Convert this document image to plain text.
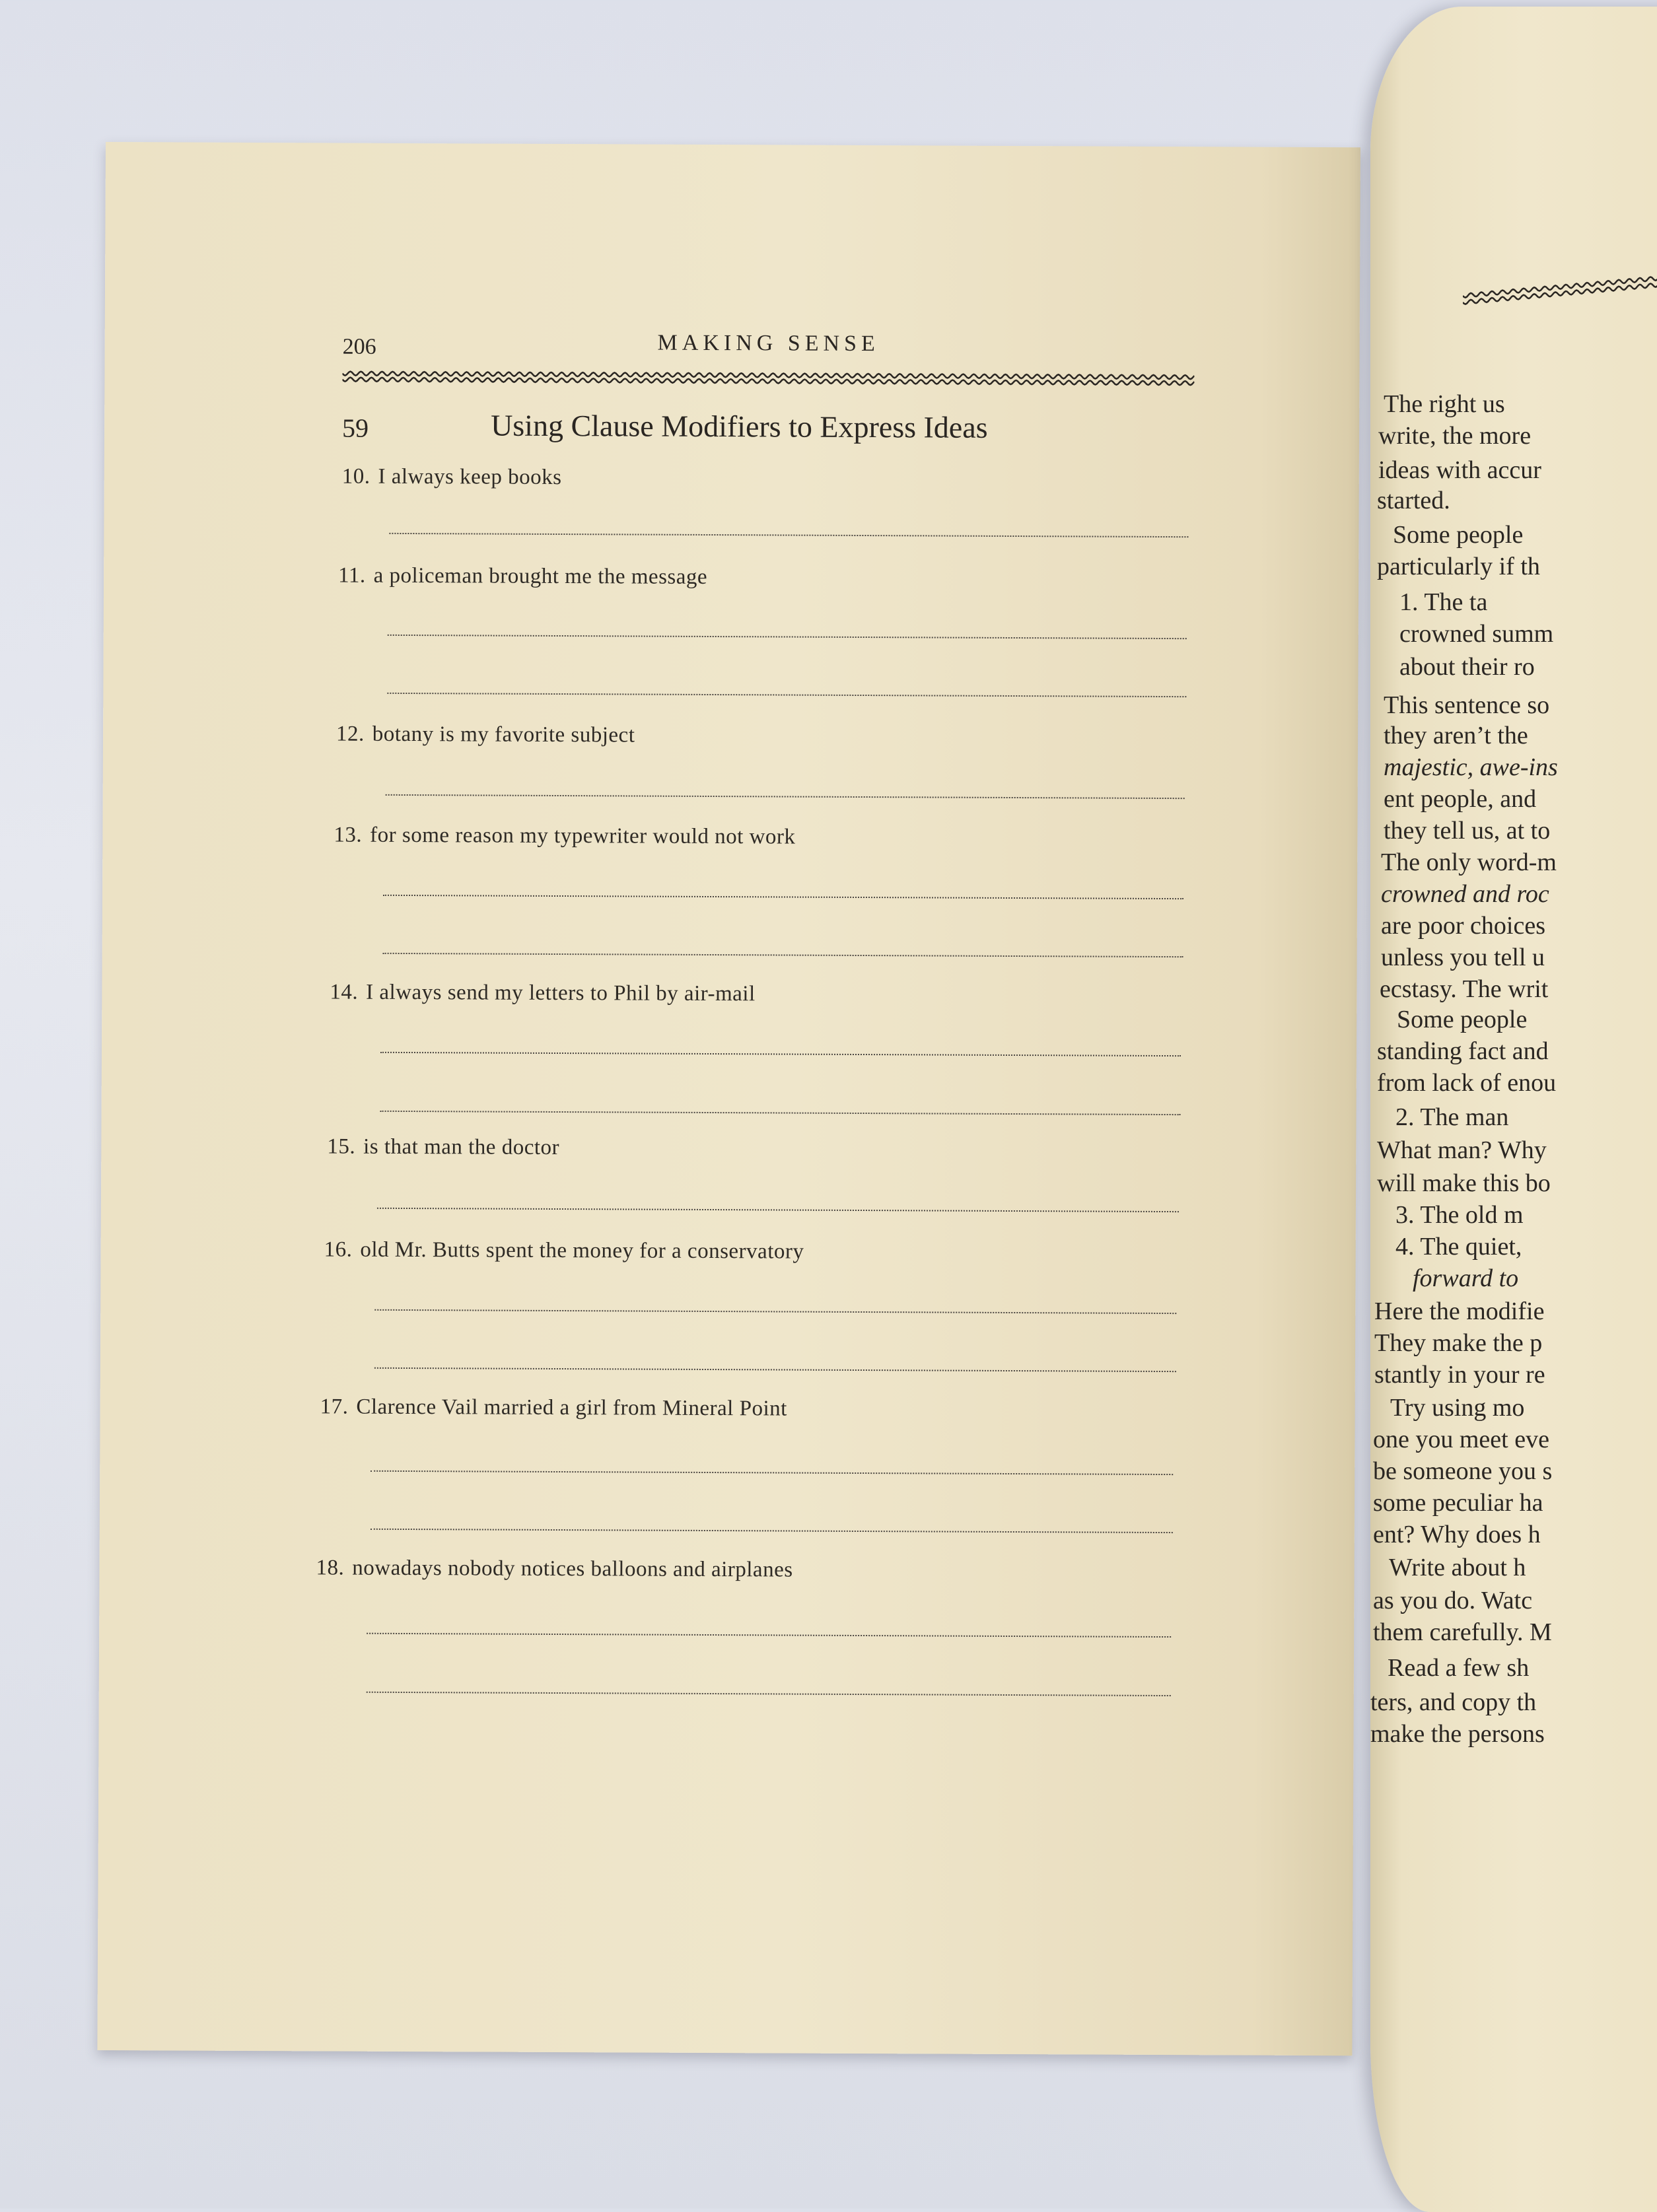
206	MAKING SENSE
59	Using Clause Modifiers to Express Ideas
10. I always keep books
11. a policeman brought me the message
12. botany is my favorite subject
13. for some reason my typewriter would not work
14. I always send my letters to Phil by air-mail
15. is that man the doctor
16. old Mr. Butts spent the money for a conservatory
17. Clarence Vail married a girl from Mineral Point
18. nowadays nobody notices balloons and airplanes
The right us
write, the more
ideas with accur
started.
Some people
particularly if th
1. The ta
crowned summ
about their ro
This sentence so
they aren’t the
majestic, awe-ins
ent people, and
they tell us, at to
The only word-m
crowned and roc
are poor choices
unless you tell u
ecstasy. The writ
Some people
standing fact and
from lack of enou
2. The man
What man? Why
will make this bo
3. The old m
4. The quiet,
forward to
Here the modifie
They make the p
stantly in your re
Try using mo
one you meet eve
be someone you s
some peculiar ha
ent? Why does h
Write about h
as you do. Watc
them carefully. M
Read a few sh
ters, and copy th
make the persons
